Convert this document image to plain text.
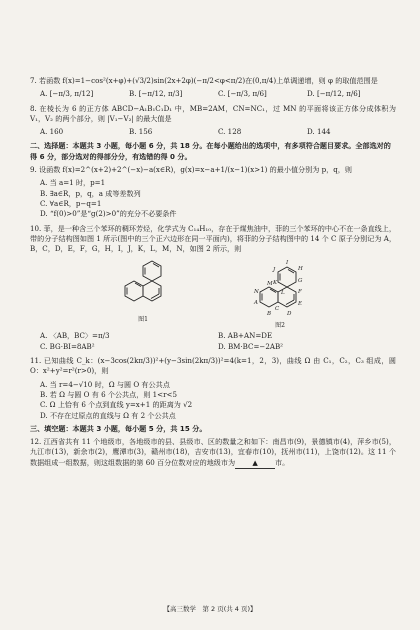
7. 若函数 f(x)=1−cos²(x+φ)+(√3/2)sin(2x+2φ)(−π/2<φ<π/2)在(0,π/4)上单调递增，则 φ 的取值范围是

A. [−π/3, π/12]	B. [−π/12, π/3]	C. [−π/3, π/6]	D. [−π/12, π/6]

8. 在棱长为 6 的正方体 ABCD−A₁B₁C₁D₁ 中，MB=2AM，CN=NC₁，过 MN 的平面将该正方体分成体积为 V₁，V₂ 的两个部分，则 |V₁−V₂| 的最大值是

A. 160	B. 156	C. 128	D. 144

二、选择题：本题共 3 小题，每小题 6 分，共 18 分。在每小题给出的选项中，有多项符合题目要求。全部选对的得 6 分，部分选对的得部分分，有选错的得 0 分。

9. 设函数 f(x)=2^(x+2)+2^(−x)−a(x∈R)，g(x)=x−a+1/(x−1)(x>1) 的最小值分别为 p，q，则

A. 当 a=1 时，p=1

B. ∃a∈R，p，q，a 成等差数列

C. ∀a∈R，p−q=1

D. “f(0)>0”是“g(2)>0”的充分不必要条件

10. 菲，是一种含三个苯环的稠环芳烃，化学式为 C₁₄H₁₀，存在于煤焦油中，菲的三个苯环的中心不在一条直线上，带的分子结构图如图 1 所示(图中的三个正六边形在同一平面内)，将菲的分子结构图中的 14 个 C 原子分别记为 A，B，C，D，E，F，G，H，I，J，K，L，M，N，如图 2 所示，则

图1
A
B
C
D
E
F
G
H
I
J
K
L
M
N
图2
A. 〈AB，BC〉=π/3	B. AB+AN=DE
C. BG·BI=8AB²	D. BM·BC=−2AB²

11. 已知曲线 C_k：(x−3cos(2kπ/3))²+(y−3sin(2kπ/3))²=4(k=1，2，3)，曲线 Ω 由 C₁，C₂，C₃ 组成，圆 O：x²+y²=r²(r>0)，则

A. 当 r=4−√10 时，Ω 与圆 O 有公共点

B. 若 Ω 与圆 O 有 6 个公共点，则 1<r<5

C. Ω 上恰有 6 个点到直线 y=x+1 的距离为 √2

D. 不存在过原点的直线与 Ω 有 2 个公共点

三、填空题：本题共 3 小题，每小题 5 分，共 15 分。

12. 江西省共有 11 个地级市，各地级市的县、县级市、区的数量之和如下：南昌市(9)，景德镇市(4)，萍乡市(5)，九江市(13)，新余市(2)，鹰潭市(3)，赣州市(18)，吉安市(13)，宜春市(10)，抚州市(11)，上饶市(12)。这 11 个数据组成一组数据，则这组数据的第 60 百分位数对应的地级市为 ▲ 市。

【高三数学　第 2 页(共 4 页)】
